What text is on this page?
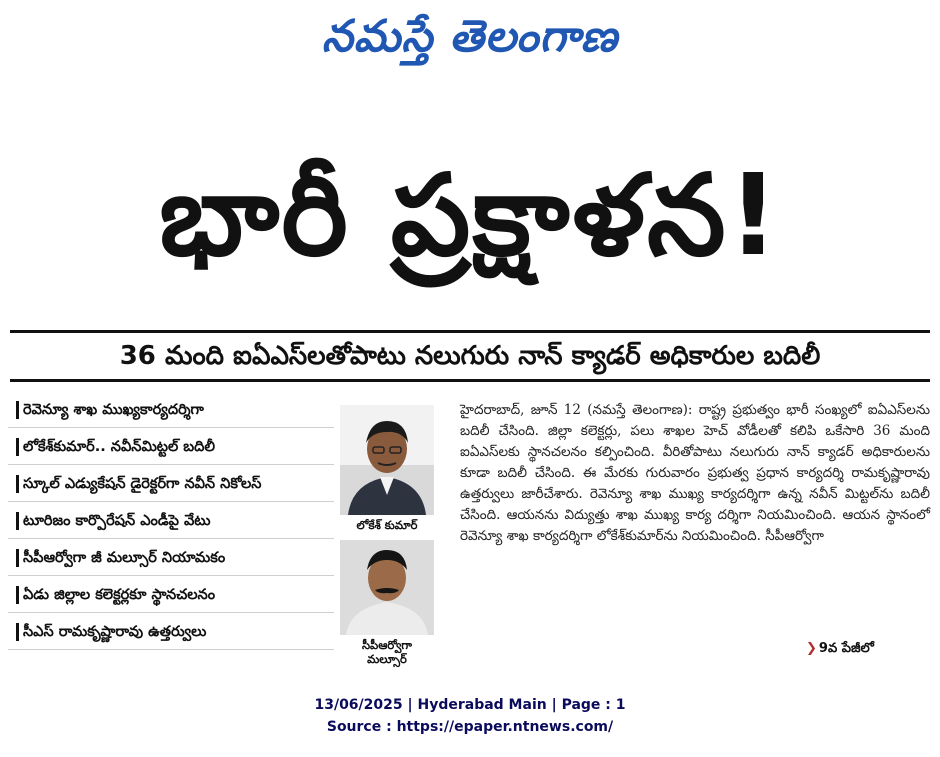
నమస్తే తెలంగాణ
భారీ ప్రక్షాళన!
36 మంది ఐఏఎస్‌లతోపాటు నలుగురు నాన్ క్యాడర్ అధికారుల బదిలీ
రెవెన్యూ శాఖ ముఖ్యకార్యదర్శిగా
లోకేశ్‌కుమార్.. నవీన్‌మిట్టల్ బదిలీ
స్కూల్ ఎడ్యుకేషన్ డైరెక్టర్‌గా నవీన్ నికోలస్
టూరిజం కార్పొరేషన్ ఎండీపై వేటు
సీపీఆర్వోగా జీ మల్సూర్ నియామకం
ఏడు జిల్లాల కలెక్టర్లకూ స్థానచలనం
సీఎస్ రామకృష్ణారావు ఉత్తర్వులు
లోకేశ్ కుమార్
సీపీఆర్వోగా
మల్సూర్
హైదరాబాద్, జూన్ 12 (నమస్తే తెలంగాణ): రాష్ట్ర ప్రభుత్వం భారీ సంఖ్యలో ఐఏఎస్‌లను బదిలీ చేసింది. జిల్లా కలెక్టర్లు, పలు శాఖల హెచ్ వోడీలతో కలిపి ఒకేసారి 36 మంది ఐఏఎస్‌లకు స్థానచలనం కల్పించింది. వీరితోపాటు నలుగురు నాన్ క్యాడర్ అధికారులను కూడా బదిలీ చేసింది. ఈ మేరకు గురువారం ప్రభుత్వ ప్రధాన కార్యదర్శి రామకృష్ణారావు ఉత్తర్వులు జారీచేశారు. రెవెన్యూ శాఖ ముఖ్య కార్యదర్శిగా ఉన్న నవీన్ మిట్టల్‌ను బదిలీ చేసింది. ఆయనను విద్యుత్తు శాఖ ముఖ్య కార్య దర్శిగా నియమించింది. ఆయన స్థానంలో రెవెన్యూ శాఖ కార్యదర్శిగా లోకేశ్‌కుమార్‌ను నియమించింది. సీపీఆర్వోగా
❯ 9వ పేజీలో
13/06/2025 | Hyderabad Main | Page : 1
Source : https://epaper.ntnews.com/
